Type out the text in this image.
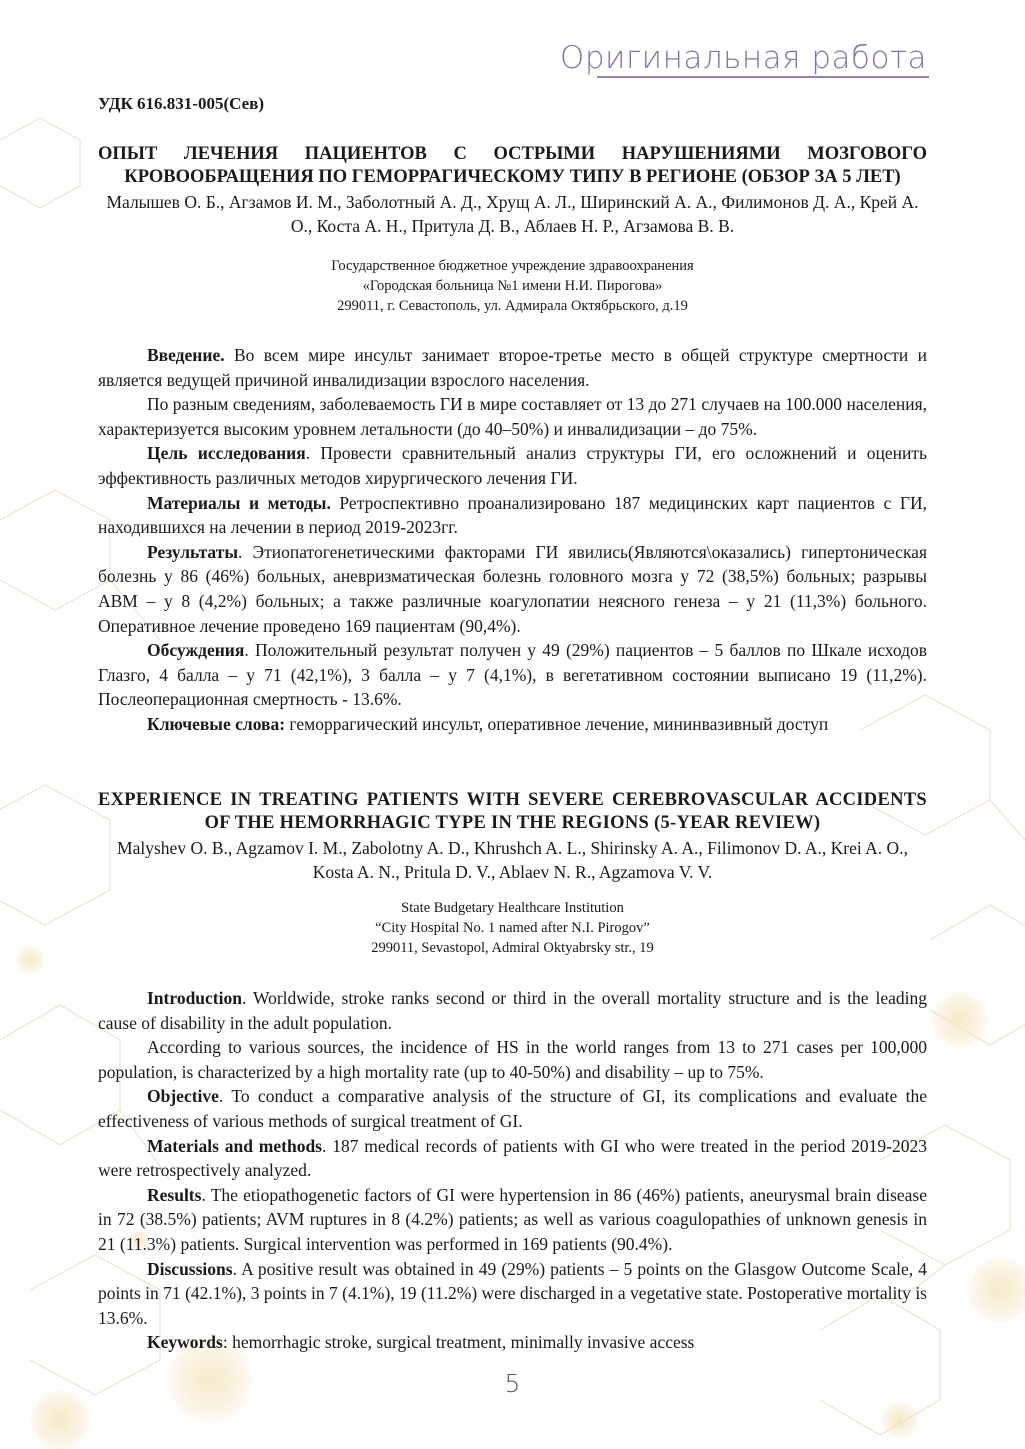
Оригинальная работа
УДК 616.831-005(Сев)
ОПЫТ ЛЕЧЕНИЯ ПАЦИЕНТОВ С ОСТРЫМИ НАРУШЕНИЯМИ МОЗГОВОГО КРОВООБРАЩЕНИЯ ПО ГЕМОРРАГИЧЕСКОМУ ТИПУ В РЕГИОНЕ (ОБЗОР ЗА 5 ЛЕТ)
Малышев О. Б., Агзамов И. М., Заболотный А. Д., Хрущ А. Л., Ширинский А. А., Филимонов Д. А., Крей А. О., Коста А. Н., Притула Д. В., Аблаев Н. Р., Агзамова В. В.
Государственное бюджетное учреждение здравоохранения
«Городская больница №1 имени Н.И. Пирогова»
299011, г. Севастополь, ул. Адмирала Октябрьского, д.19

Введение. Во всем мире инсульт занимает второе-третье место в общей структуре смертности и является ведущей причиной инвалидизации взрослого населения.

По разным сведениям, заболеваемость ГИ в мире составляет от 13 до 271 случаев на 100.000 населения, характеризуется высоким уровнем летальности (до 40–50%) и инвалидизации – до 75%.

Цель исследования. Провести сравнительный анализ структуры ГИ, его осложнений и оценить эффективность различных методов хирургического лечения ГИ.

Материалы и методы. Ретроспективно проанализировано 187 медицинских карт пациентов с ГИ, находившихся на лечении в период 2019-2023гг.

Результаты. Этиопатогенетическими факторами ГИ явились(Являются\оказались) гипертоническая болезнь у 86 (46%) больных, аневризматическая болезнь головного мозга у 72 (38,5%) больных; разрывы АВМ – у 8 (4,2%) больных; а также различные коагулопатии неясного генеза – у 21 (11,3%) больного. Оперативное лечение проведено 169 пациентам (90,4%).

Обсуждения. Положительный результат получен у 49 (29%) пациентов – 5 баллов по Шкале исходов Глазго, 4 балла – у 71 (42,1%), 3 балла – у 7 (4,1%), в вегетативном состоянии выписано 19 (11,2%). Послеоперационная смертность - 13.6%.

Ключевые слова: геморрагический инсульт, оперативное лечение, мининвазивный доступ

EXPERIENCE IN TREATING PATIENTS WITH SEVERE CEREBROVASCULAR ACCIDENTS OF THE HEMORRHAGIC TYPE IN THE REGIONS (5-YEAR REVIEW)
Malyshev O. B., Agzamov I. M., Zabolotny A. D., Khrushch A. L., Shirinsky A. A., Filimonov D. A., Krei A. O., Kosta A. N., Pritula D. V., Ablaev N. R., Agzamova V. V.
State Budgetary Healthcare Institution
“City Hospital No. 1 named after N.I. Pirogov”
299011, Sevastopol, Admiral Oktyabrsky str., 19

Introduction. Worldwide, stroke ranks second or third in the overall mortality structure and is the leading cause of disability in the adult population.

According to various sources, the incidence of HS in the world ranges from 13 to 271 cases per 100,000 population, is characterized by a high mortality rate (up to 40-50%) and disability – up to 75%.

Objective. To conduct a comparative analysis of the structure of GI, its complications and evaluate the effectiveness of various methods of surgical treatment of GI.

Materials and methods. 187 medical records of patients with GI who were treated in the period 2019-2023 were retrospectively analyzed.

Results. The etiopathogenetic factors of GI were hypertension in 86 (46%) patients, aneurysmal brain disease in 72 (38.5%) patients; AVM ruptures in 8 (4.2%) patients; as well as various coagulopathies of unknown genesis in 21 (11.3%) patients. Surgical intervention was performed in 169 patients (90.4%).

Discussions. A positive result was obtained in 49 (29%) patients – 5 points on the Glasgow Outcome Scale, 4 points in 71 (42.1%), 3 points in 7 (4.1%), 19 (11.2%) were discharged in a vegetative state. Postoperative mortality is 13.6%.

Keywords: hemorrhagic stroke, surgical treatment, minimally invasive access

5
